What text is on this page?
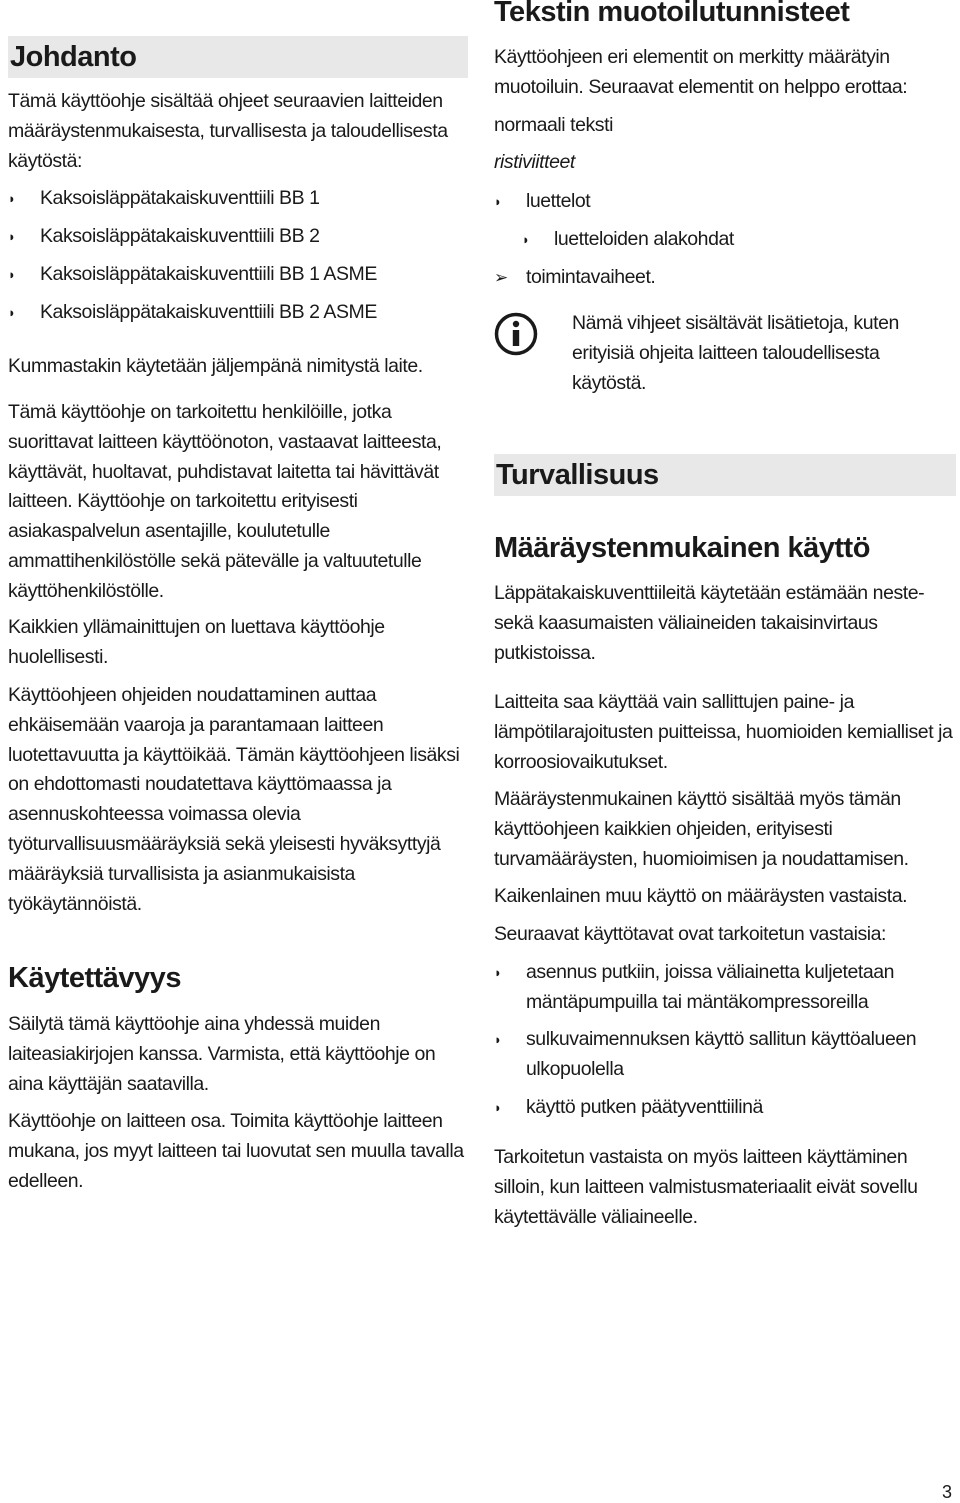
Johdanto

Tämä käyttöohje sisältää ohjeet seuraavien laitteiden määräystenmukaisesta, turvallisesta ja taloudellisesta käytöstä:

◗ Kaksoisläppätakaiskuventtiili BB 1
◗ Kaksoisläppätakaiskuventtiili BB 2
◗ Kaksoisläppätakaiskuventtiili BB 1 ASME
◗ Kaksoisläppätakaiskuventtiili BB 2 ASME

Kummastakin käytetään jäljempänä nimitystä laite.

Tämä käyttöohje on tarkoitettu henkilöille, jotka suorittavat laitteen käyttöönoton, vastaavat laitteesta, käyttävät, huoltavat, puhdistavat laitetta tai hävittävät laitteen. Käyttöohje on tarkoitettu erityisesti asiakaspalvelun asentajille, koulutetulle ammattihenkilöstölle sekä pätevälle ja valtuutetulle käyttöhenkilöstölle.

Kaikkien yllämainittujen on luettava käyttöohje huolellisesti.

Käyttöohjeen ohjeiden noudattaminen auttaa ehkäisemään vaaroja ja parantamaan laitteen luotettavuutta ja käyttöikää. Tämän käyttöohjeen lisäksi on ehdottomasti noudatettava käyttömaassa ja asennuskohteessa voimassa olevia työturvallisuusmääräyksiä sekä yleisesti hyväksyttyjä määräyksiä turvallisista ja asianmukaisista työkäytännöistä.

Käytettävyys

Säilytä tämä käyttöohje aina yhdessä muiden laiteasiakirjojen kanssa. Varmista, että käyttöohje on aina käyttäjän saatavilla.

Käyttöohje on laitteen osa. Toimita käyttöohje laitteen mukana, jos myyt laitteen tai luovutat sen muulla tavalla edelleen.

Tekstin muotoilutunnisteet

Käyttöohjeen eri elementit on merkitty määrätyin muotoiluin. Seuraavat elementit on helppo erottaa:

normaali teksti

ristiviitteet

◗ luettelot
◗ luetteloiden alakohdat
➢ toimintavaiheet.

Nämä vihjeet sisältävät lisätietoja, kuten erityisiä ohjeita laitteen taloudellisesta käytöstä.

Turvallisuus
Määräystenmukainen käyttö

Läppätakaiskuventtiileitä käytetään estämään neste- sekä kaasumaisten väliaineiden takaisinvirtaus putkistoissa.

Laitteita saa käyttää vain sallittujen paine- ja lämpötilarajoitusten puitteissa, huomioiden kemialliset ja korroosiovaikutukset.

Määräystenmukainen käyttö sisältää myös tämän käyttöohjeen kaikkien ohjeiden, erityisesti turvamääräysten, huomioimisen ja noudattamisen.

Kaikenlainen muu käyttö on määräysten vastaista.

Seuraavat käyttötavat ovat tarkoitetun vastaisia:

◗ asennus putkiin, joissa väliainetta kuljetetaan mäntäpumpuilla tai mäntäkompressoreilla
◗ sulkuvaimennuksen käyttö sallitun käyttöalueen ulkopuolella
◗ käyttö putken päätyventtiilinä

Tarkoitetun vastaista on myös laitteen käyttäminen silloin, kun laitteen valmistusmateriaalit eivät sovellu käytettävälle väliaineelle.

3
